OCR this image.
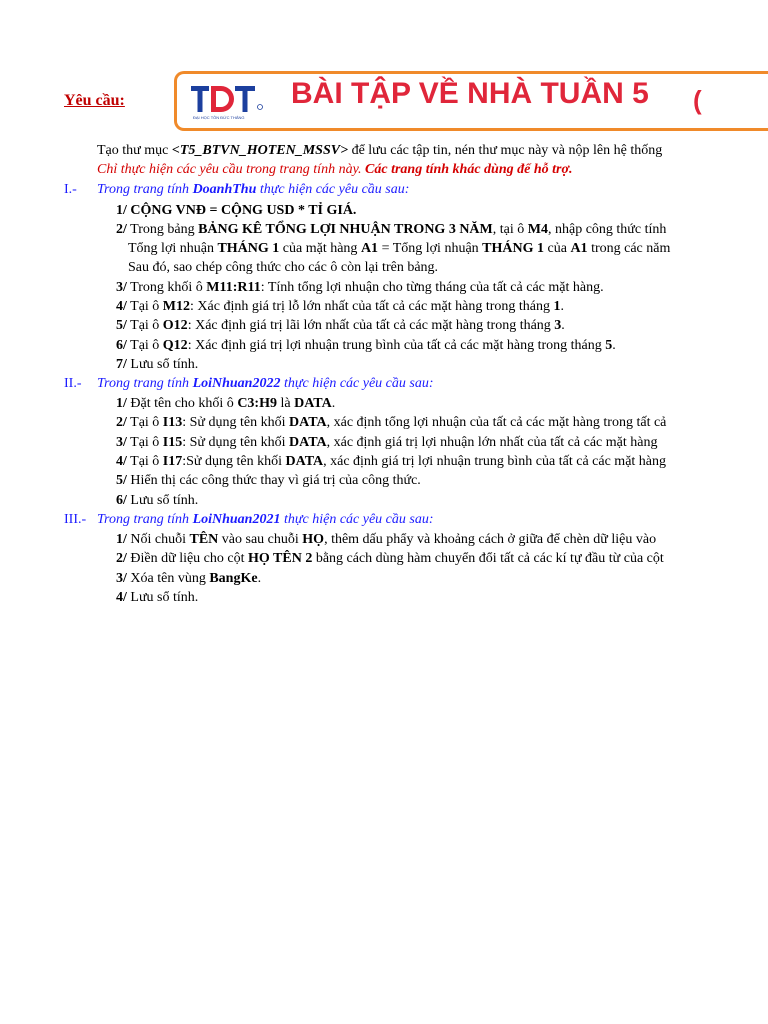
Yêu cầu:
ĐẠI HỌC TÔN ĐỨC THẮNG
BÀI TẬP VỀ NHÀ TUẦN 5 (
Tạo thư mục <T5_BTVN_HOTEN_MSSV> để lưu các tập tin, nén thư mục này và nộp lên hệ thống
Chỉ thực hiện các yêu cầu trong trang tính này. Các trang tính khác dùng để hỗ trợ.
I.- Trong trang tính DoanhThu thực hiện các yêu cầu sau:
1/ CỘNG VNĐ = CỘNG USD * TỈ GIÁ.
2/ Trong bảng BẢNG KÊ TỔNG LỢI NHUẬN TRONG 3 NĂM, tại ô M4, nhập công thức tính
Tổng lợi nhuận THÁNG 1 của mặt hàng A1 = Tổng lợi nhuận THÁNG 1 của A1 trong các năm
Sau đó, sao chép công thức cho các ô còn lại trên bảng.
3/ Trong khối ô M11:R11: Tính tổng lợi nhuận cho từng tháng của tất cả các mặt hàng.
4/ Tại ô M12: Xác định giá trị lỗ lớn nhất của tất cả các mặt hàng trong tháng 1.
5/ Tại ô O12: Xác định giá trị lãi lớn nhất của tất cả các mặt hàng trong tháng 3.
6/ Tại ô Q12: Xác định giá trị lợi nhuận trung bình của tất cả các mặt hàng trong tháng 5.
7/ Lưu sổ tính.
II.- Trong trang tính LoiNhuan2022 thực hiện các yêu cầu sau:
1/ Đặt tên cho khối ô C3:H9 là DATA.
2/ Tại ô I13: Sử dụng tên khối DATA, xác định tổng lợi nhuận của tất cả các mặt hàng trong tất cả
3/ Tại ô I15: Sử dụng tên khối DATA, xác định giá trị lợi nhuận lớn nhất của tất cả các mặt hàng
4/ Tại ô I17:Sử dụng tên khối DATA, xác định giá trị lợi nhuận trung bình của tất cả các mặt hàng
5/ Hiển thị các công thức thay vì giá trị của công thức.
6/ Lưu sổ tính.
III.- Trong trang tính LoiNhuan2021 thực hiện các yêu cầu sau:
1/ Nối chuỗi TÊN vào sau chuỗi HỌ, thêm dấu phẩy và khoảng cách ở giữa để chèn dữ liệu vào
2/ Điền dữ liệu cho cột HỌ TÊN 2 bằng cách dùng hàm chuyển đổi tất cả các kí tự đầu từ của cột
3/ Xóa tên vùng BangKe.
4/ Lưu sổ tính.
